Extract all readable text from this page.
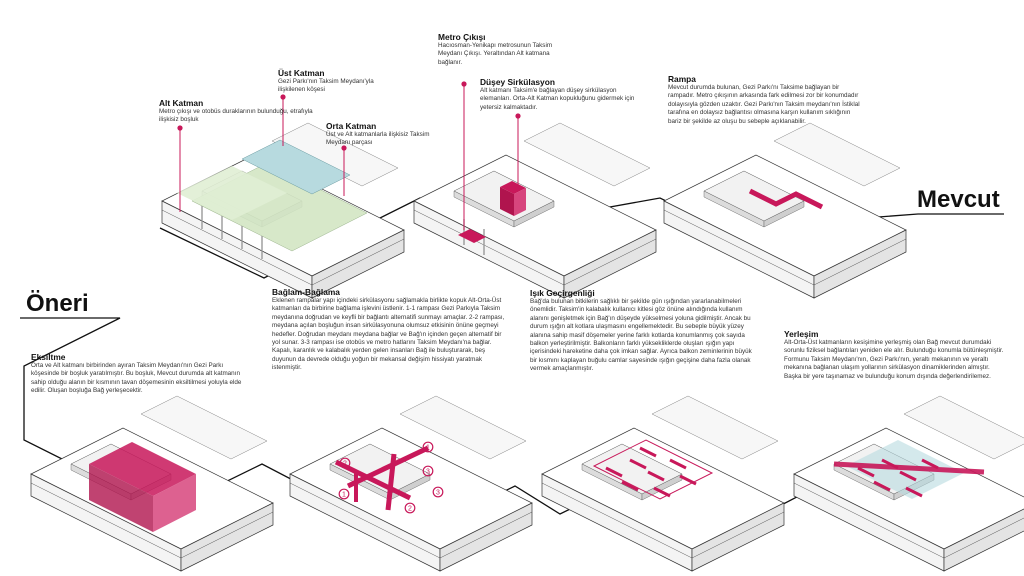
1
2
3
1
2
3
Mevcut
Öneri
Alt Katman
Metro çıkışı ve otobüs duraklarının bulunduğu, etrafıyla ilişkisiz boşluk
Üst Katman
Gezi Parkı'nın Taksim Meydanı'yla ilişkilenen köşesi
Orta Katman
Üst ve Alt katmanlarla ilişkisiz Taksim Meydanı parçası
Metro Çıkışı
Hacıosman-Yenikapı metrosunun Taksim Meydanı Çıkışı. Yeraltından Alt katmana bağlanır.
Düşey Sirkülasyon
Alt katmanı Taksim'e bağlayan düşey sirkülasyon elemanları. Orta-Alt Katman kopukluğunu gidermek için yetersiz kalmaktadır.
Rampa
Mevcut durumda bulunan, Gezi Parkı'nı Taksime bağlayan bir rampadır. Metro çıkışının arkasında fark edilmesi zor bir konumdadır dolayısıyla gözden uzaktır. Gezi Parkı'nın Taksim meydanı'nın İstiklal tarafına en dolaysız bağlantısı olmasına karşın kullanım sıklığının bariz bir şekilde az oluşu bu sebeple açıklanabilir.
Eksiltme
Orta ve Alt katmanı birbirinden ayıran Taksim Meydanı'nın Gezi Parkı köşesinde bir boşluk yaratılmıştır. Bu boşluk, Mevcut durumda alt katmanın sahip olduğu alanın bir kısmının tavan döşemesinin eksiltilmesi yoluyla elde edilir. Oluşan boşluğa Bağ yerleşecektir.
Bağlam-Bağlama
Eklenen rampalar yapı içindeki sirkülasyonu sağlamakla birlikte kopuk Alt-Orta-Üst katmanları da birbirine bağlama işlevini üstlenir. 1-1 rampası Gezi Parkıyla Taksim meydanına doğrudan ve keyfli bir bağlantı alternatifi sunmayı amaçlar. 2-2 rampası, meydana açılan boşluğun insan sirkülasyonuna olumsuz etkisinin önüne geçmeyi hedefler. Doğrudan meydanı meydana bağlar ve Bağ'ın içinden geçen alternatif bir yol sunar. 3-3 rampası ise otobüs ve metro hatlarını Taksim Meydanı'na bağlar. Kapalı, karanlık ve kalabalık yerden gelen insanları Bağ ile buluşturarak, beş duyunun da devrede olduğu yoğun bir mekansal değişim hissiyatı yaratmak istenmiştir.
Işık Geçirgenliği
Bağ'da bulunan bitkilerin sağlıklı bir şekilde gün ışığından yararlanabilmeleri önemlidir. Taksim'in kalabalık kullanıcı kitlesi göz önüne alındığında kullanım alanını genişletmek için Bağ'ın düşeyde yükselmesi yoluna gidilmiştir. Ancak bu durum ışığın alt kotlara ulaşmasını engellemektedir. Bu sebeple büyük yüzey alanına sahip masif döşemeler yerine farklı kotlarda konumlanmış çok sayıda balkon yerleştirilmiştir. Balkonların farklı yüksekliklerde oluşları ışığın yapı içerisindeki hareketine daha çok imkan sağlar. Ayrıca balkon zeminlerinin büyük bir kısmını kaplayan buğulu camlar sayesinde ışığın geçişine daha fazla olanak vermek amaçlanmıştır.
Yerleşim
Alt-Orta-Üst katmanların kesişimine yerleşmiş olan Bağ mevcut durumdaki sorunlu fiziksel bağlantıları yeniden ele alır. Bulunduğu konumla bütünleşmiştir. Formunu Taksim Meydanı'nın, Gezi Parkı'nın, yeraltı mekanının ve yeraltı mekanına bağlanan ulaşım yollarının sirkülasyon dinamiklerinden almıştır. Başka bir yere taşınamaz ve bulunduğu konum dışında değerlendirilemez.
